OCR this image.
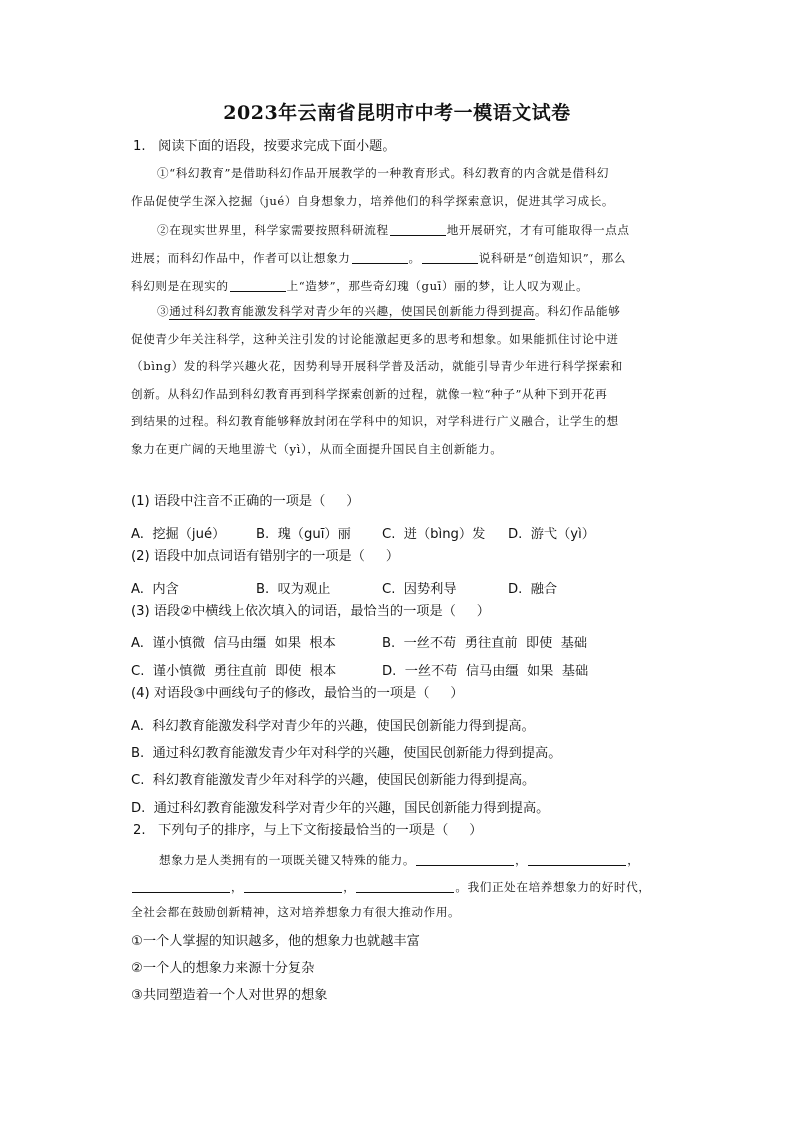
2023年云南省昆明市中考一模语文试卷
1.   阅读下面的语段，按要求完成下面小题。
①“科幻教育”是借助科幻作品开展教学的一种教育形式。科幻教育的内含就是借科幻
作品促使学生深入挖掘（jué）自身想象力，培养他们的科学探索意识，促进其学习成长。
②在现实世界里，科学家需要按照科研流程	地开展研究，才有可能取得一点点
进展；而科幻作品中，作者可以让想象力	。	说科研是“创造知识”，那么
科幻则是在现实的	上“造梦”，那些奇幻瑰（guī）丽的梦，让人叹为观止。
③通过科幻教育能激发科学对青少年的兴趣，使国民创新能力得到提高。科幻作品能够
促使青少年关注科学，这种关注引发的讨论能激起更多的思考和想象。如果能抓住讨论中迸
（bìng）发的科学兴趣火花，因势利导开展科学普及活动，就能引导青少年进行科学探索和
创新。从科幻作品到科幻教育再到科学探索创新的过程，就像一粒“种子”从种下到开花再
到结果的过程。科幻教育能够释放封闭在学科中的知识，对学科进行广义融合，让学生的想
象力在更广阔的天地里游弋（yì），从而全面提升国民自主创新能力。
(1) 语段中注音不正确的一项是（     ）
A.  挖掘（jué） B.  瑰（guī）丽 C.  迸（bìng）发 D.  游弋（yì）
(2) 语段中加点词语有错别字的一项是（     ）
A.  内含	B.  叹为观止	C.  因势利导	D.  融合
(3) 语段②中横线上依次填入的词语，最恰当的一项是（     ）
A.  谨小慎微  信马由缰  如果  根本	B.  一丝不苟  勇往直前  即使  基础
C.  谨小慎微  勇往直前  即使  根本	D.  一丝不苟  信马由缰  如果  基础
(4) 对语段③中画线句子的修改，最恰当的一项是（     ）
A.  科幻教育能激发科学对青少年的兴趣，使国民创新能力得到提高。
B.  通过科幻教育能激发青少年对科学的兴趣，使国民创新能力得到提高。
C.  科幻教育能激发青少年对科学的兴趣，使国民创新能力得到提高。
D.  通过科幻教育能激发科学对青少年的兴趣，国民创新能力得到提高。
2.   下列句子的排序，与上下文衔接最恰当的一项是（     ）
想象力是人类拥有的一项既关键又特殊的能力。	，	，
，	，	。我们正处在培养想象力的好时代，
全社会都在鼓励创新精神，这对培养想象力有很大推动作用。
①一个人掌握的知识越多，他的想象力也就越丰富
②一个人的想象力来源十分复杂
③共同塑造着一个人对世界的想象
